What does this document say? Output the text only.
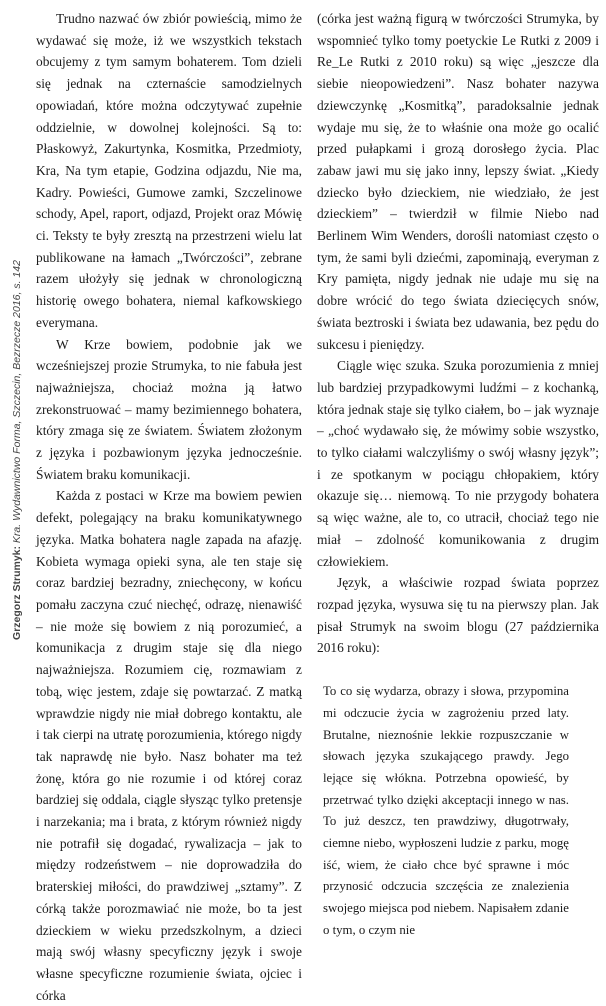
Grzegorz Strumyk: Kra. Wydawnictwo Forma, Szczecin, Bezrzecze 2016, s. 142

Trudno nazwać ów zbiór powieścią, mimo że wydawać się może, iż we wszystkich tekstach obcujemy z tym samym bohaterem. Tom dzieli się jednak na czternaście samodzielnych opowiadań, które można odczytywać zupełnie oddzielnie, w dowolnej kolejności. Są to: Płaskowyż, Zakurtynka, Kosmitka, Przedmioty, Kra, Na tym etapie, Godzina odjazdu, Nie ma, Kadry. Powieści, Gumowe zamki, Szczelinowe schody, Apel, raport, odjazd, Projekt oraz Mówię ci. Teksty te były zresztą na przestrzeni wielu lat publikowane na łamach „Twórczości”, zebrane razem ułożyły się jednak w chronologiczną historię owego bohatera, niemal kafkowskiego everymana.

W Krze bowiem, podobnie jak we wcześniejszej prozie Strumyka, to nie fabuła jest najważniejsza, chociaż można ją łatwo zrekonstruować – mamy bezimiennego bohatera, który zmaga się ze światem. Światem złożonym z języka i pozbawionym języka jednocześnie. Światem braku komunikacji.

Każda z postaci w Krze ma bowiem pewien defekt, polegający na braku komunikatywnego języka. Matka bohatera nagle zapada na afazję. Kobieta wymaga opieki syna, ale ten staje się coraz bardziej bezradny, zniechęcony, w końcu pomału zaczyna czuć niechęć, odrazę, nienawiść – nie może się bowiem z nią porozumieć, a komunikacja z drugim staje się dla niego najważniejsza. Rozumiem cię, rozmawiam z tobą, więc jestem, zdaje się powtarzać. Z matką wprawdzie nigdy nie miał dobrego kontaktu, ale i tak cierpi na utratę porozumienia, którego nigdy tak naprawdę nie było. Nasz bohater ma też żonę, która go nie rozumie i od której coraz bardziej się oddala, ciągle słysząc tylko pretensje i narzekania; ma i brata, z którym również nigdy nie potrafił się dogadać, rywalizacja – jak to między rodzeństwem – nie doprowadziła do braterskiej miłości, do prawdziwej „sztamy”. Z córką także porozmawiać nie może, bo ta jest dzieckiem w wieku przedszkolnym, a dzieci mają swój własny specyficzny język i swoje własne specyficzne rozumienie świata, ojciec i córka

(córka jest ważną figurą w twórczości Strumyka, by wspomnieć tylko tomy poetyckie Le Rutki z 2009 i Re_Le Rutki z 2010 roku) są więc „jeszcze dla siebie nieopowiedzeni”. Nasz bohater nazywa dziewczynkę „Kosmitką”, paradoksalnie jednak wydaje mu się, że to właśnie ona może go ocalić przed pułapkami i grozą dorosłego życia. Plac zabaw jawi mu się jako inny, lepszy świat. „Kiedy dziecko było dzieckiem, nie wiedziało, że jest dzieckiem” – twierdził w filmie Niebo nad Berlinem Wim Wenders, dorośli natomiast często o tym, że sami byli dziećmi, zapominają, everyman z Kry pamięta, nigdy jednak nie udaje mu się na dobre wrócić do tego świata dziecięcych snów, świata beztroski i świata bez udawania, bez pędu do sukcesu i pieniędzy.

Ciągle więc szuka. Szuka porozumienia z mniej lub bardziej przypadkowymi ludźmi – z kochanką, która jednak staje się tylko ciałem, bo – jak wyznaje – „choć wydawało się, że mówimy sobie wszystko, to tylko ciałami walczyliśmy o swój własny język”; i ze spotkanym w pociągu chłopakiem, który okazuje się… niemową. To nie przygody bohatera są więc ważne, ale to, co utracił, chociaż tego nie miał – zdolność komunikowania z drugim człowiekiem.

Język, a właściwie rozpad świata poprzez rozpad języka, wysuwa się tu na pierwszy plan. Jak pisał Strumyk na swoim blogu (27 października 2016 roku):

To co się wydarza, obrazy i słowa, przypomina mi odczucie życia w zagrożeniu przed laty. Brutalne, nieznośnie lekkie rozpuszczanie w słowach języka szukającego prawdy. Jego lejące się włókna. Potrzebna opowieść, by przetrwać tylko dzięki akceptacji innego w nas. To już deszcz, ten prawdziwy, długotrwały, ciemne niebo, wypłoszeni ludzie z parku, mogę iść, wiem, że ciało chce być sprawne i móc przynosić odczucia szczęścia ze znalezienia swojego miejsca pod niebem. Napisałem zdanie o tym, o czym nie
